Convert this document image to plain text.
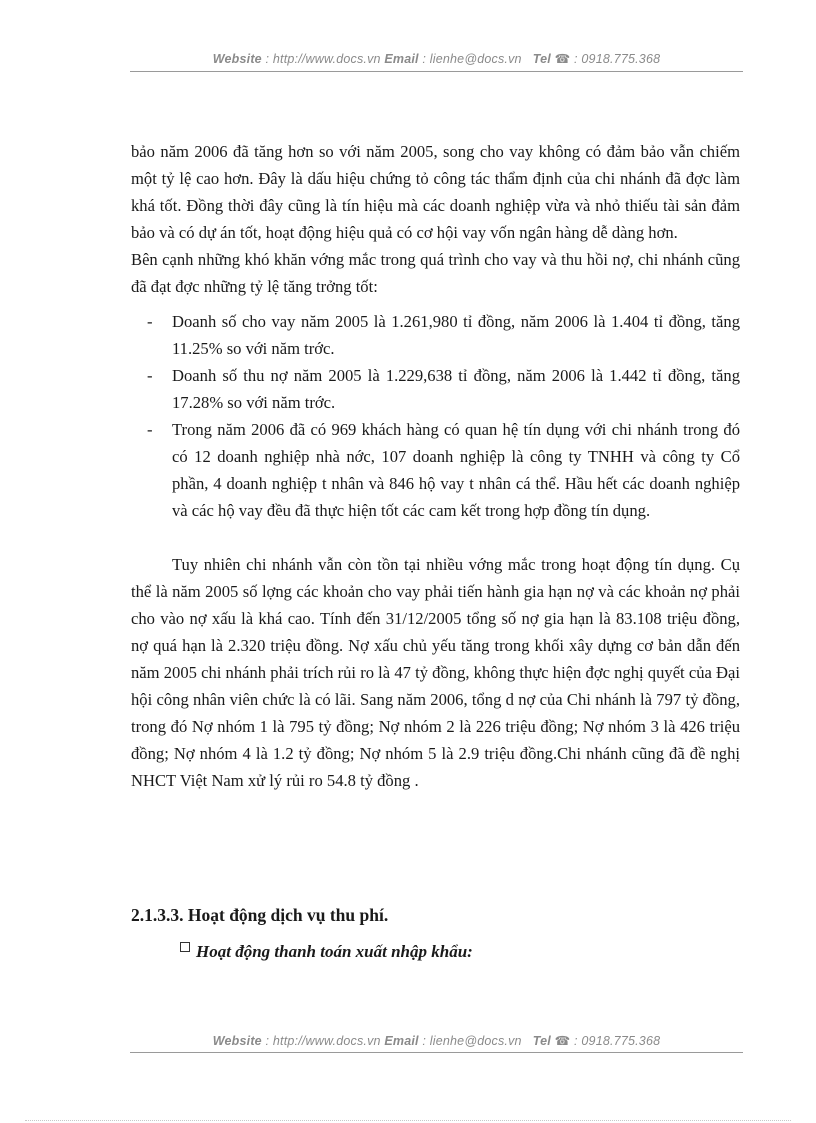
Website : http://www.docs.vn Email : lienhe@docs.vn Tel ☎ : 0918.775.368

bảo năm 2006 đã tăng hơn so với năm 2005, song cho vay không có đảm bảo vẫn chiếm một tỷ lệ cao hơn. Đây là dấu hiệu chứng tỏ công tác thẩm định của chi nhánh đã đợc làm khá tốt. Đồng thời đây cũng là tín hiệu mà các doanh nghiệp vừa và nhỏ thiếu tài sản đảm bảo và có dự án tốt, hoạt động hiệu quả có cơ hội vay vốn ngân hàng dễ dàng hơn.

Bên cạnh những khó khăn vớng mắc trong quá trình cho vay và thu hồi nợ, chi nhánh cũng đã đạt đợc những tỷ lệ tăng trởng tốt:

- Doanh số cho vay năm 2005 là 1.261,980 tỉ đồng, năm 2006 là 1.404 tỉ đồng, tăng 11.25% so với năm trớc.
- Doanh số thu nợ năm 2005 là 1.229,638 tỉ đồng, năm 2006 là 1.442 tỉ đồng, tăng 17.28% so với năm trớc.
- Trong năm 2006 đã có 969 khách hàng có quan hệ tín dụng với chi nhánh trong đó có 12 doanh nghiệp nhà nớc, 107 doanh nghiệp là công ty TNHH và công ty Cổ phần, 4 doanh nghiệp t nhân và 846 hộ vay t nhân cá thể. Hầu hết các doanh nghiệp và các hộ vay đều đã thực hiện tốt các cam kết trong hợp đồng tín dụng.

Tuy nhiên chi nhánh vẫn còn tồn tại nhiều vớng mắc trong hoạt động tín dụng. Cụ thể là năm 2005 số lợng các khoản cho vay phải tiến hành gia hạn nợ và các khoản nợ phải cho vào nợ xấu là khá cao. Tính đến 31/12/2005 tổng số nợ gia hạn là 83.108 triệu đồng, nợ quá hạn là 2.320 triệu đồng. Nợ xấu chủ yếu tăng trong khối xây dựng cơ bản dẫn đến năm 2005 chi nhánh phải trích rủi ro là 47 tỷ đồng, không thực hiện đợc nghị quyết của Đại hội công nhân viên chức là có lãi. Sang năm 2006, tổng d nợ của Chi nhánh là 797 tỷ đồng, trong đó Nợ nhóm 1 là 795 tỷ đồng; Nợ nhóm 2 là 226 triệu đồng; Nợ nhóm 3 là 426 triệu đồng; Nợ nhóm 4 là 1.2 tỷ đồng; Nợ nhóm 5 là 2.9 triệu đồng.Chi nhánh cũng đã đề nghị NHCT Việt Nam xử lý rủi ro 54.8 tỷ đồng .

2.1.3.3. Hoạt động dịch vụ thu phí.
Hoạt động thanh toán xuất nhập khẩu:
Website : http://www.docs.vn Email : lienhe@docs.vn Tel ☎ : 0918.775.368
